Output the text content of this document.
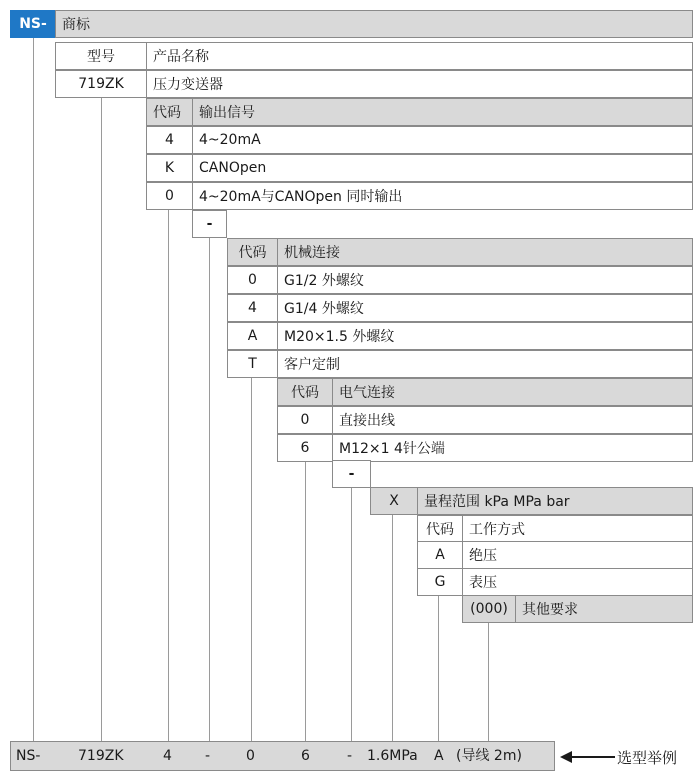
NS-	商标
型号	产品名称
719ZK	压力变送器
代码	输出信号
4	4~20mA
K	CANOpen
0	4~20mA与CANOpen 同时输出
-
代码	机械连接
0	G1/2 外螺纹
4	G1/4 外螺纹
A	M20×1.5 外螺纹
T	客户定制
代码	电气连接
0	直接出线
6	M12×1 4针公端
-
X	量程范围 kPa MPa bar
代码	工作方式
A	绝压
G	表压
(000)	其他要求
NS-	719ZK	4 -	0	6	- 1.6MPa A (导线 2m)	选型举例
